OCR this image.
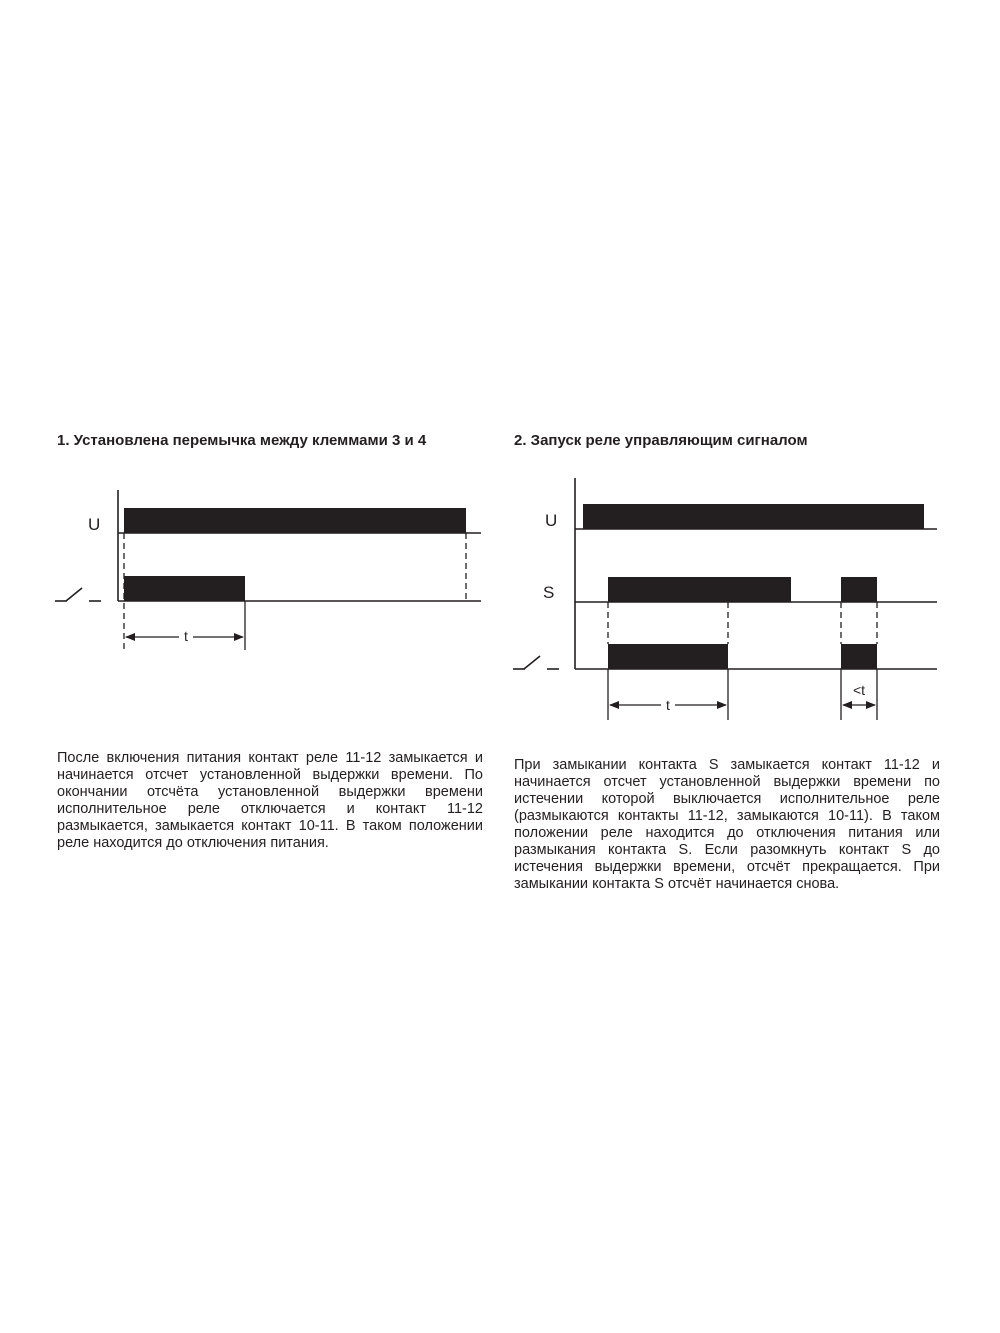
1. Установлена перемычка между клеммами 3 и 4	2. Запуск реле управляющим сигналом
U
t
U
S
t
<t

После включения питания контакт реле 11-12 замыкается и начинается отсчет установленной выдержки времени. По окончании отсчёта установленной выдержки времени исполнительное реле отключается и контакт 11-12 размыкается, замыкается контакт 10-11. В таком положении реле находится до отключения питания.

При замыкании контакта S замыкается контакт 11-12 и начинается отсчет установленной выдержки времени по истечении которой выключается исполнительное реле (размыкаются контакты 11-12, замыкаются 10-11). В таком положении реле находится до отключения питания или размыкания контакта S. Если разомкнуть контакт S до истечения выдержки времени, отсчёт прекращается. При замыкании контакта S отсчёт начинается снова.
